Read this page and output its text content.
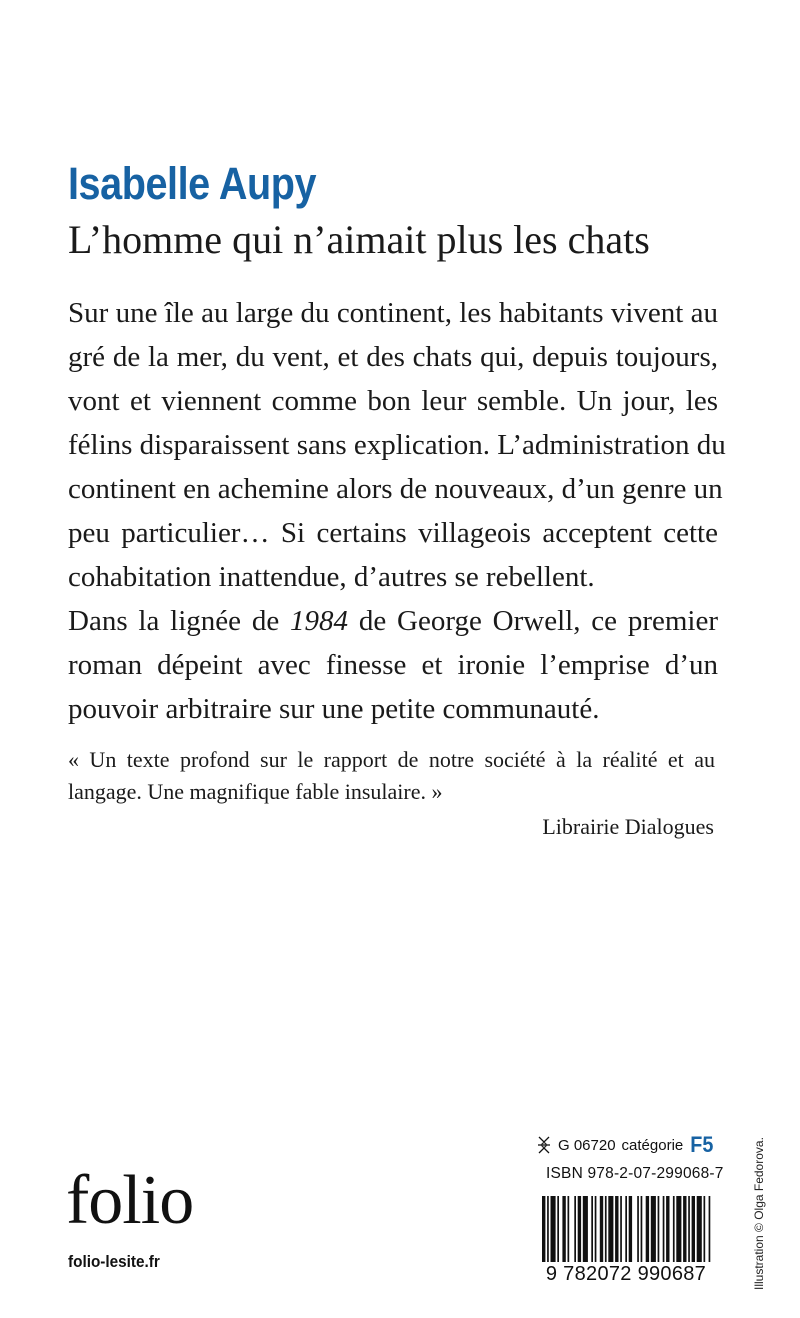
Isabelle Aupy
L’homme qui n’aimait plus les chats
Sur une île au large du continent, les habitants vivent au
gré de la mer, du vent, et des chats qui, depuis toujours,
vont et viennent comme bon leur semble. Un jour, les
félins disparaissent sans explication. L’administration du
continent en achemine alors de nouveaux, d’un genre un
peu particulier… Si certains villageois acceptent cette
cohabitation inattendue, d’autres se rebellent.
Dans la lignée de 1984 de George Orwell, ce premier
roman dépeint avec finesse et ironie l’emprise d’un
pouvoir arbitraire sur une petite communauté.
« Un texte profond sur le rapport de notre société à la réalité et au
langage. Une magnifique fable insulaire. »
Librairie Dialogues
G 06720 catégorie F5
ISBN 978-2-07-299068-7
9 782072 990687
folio
folio-lesite.fr	Illustration © Olga Fedorova.
